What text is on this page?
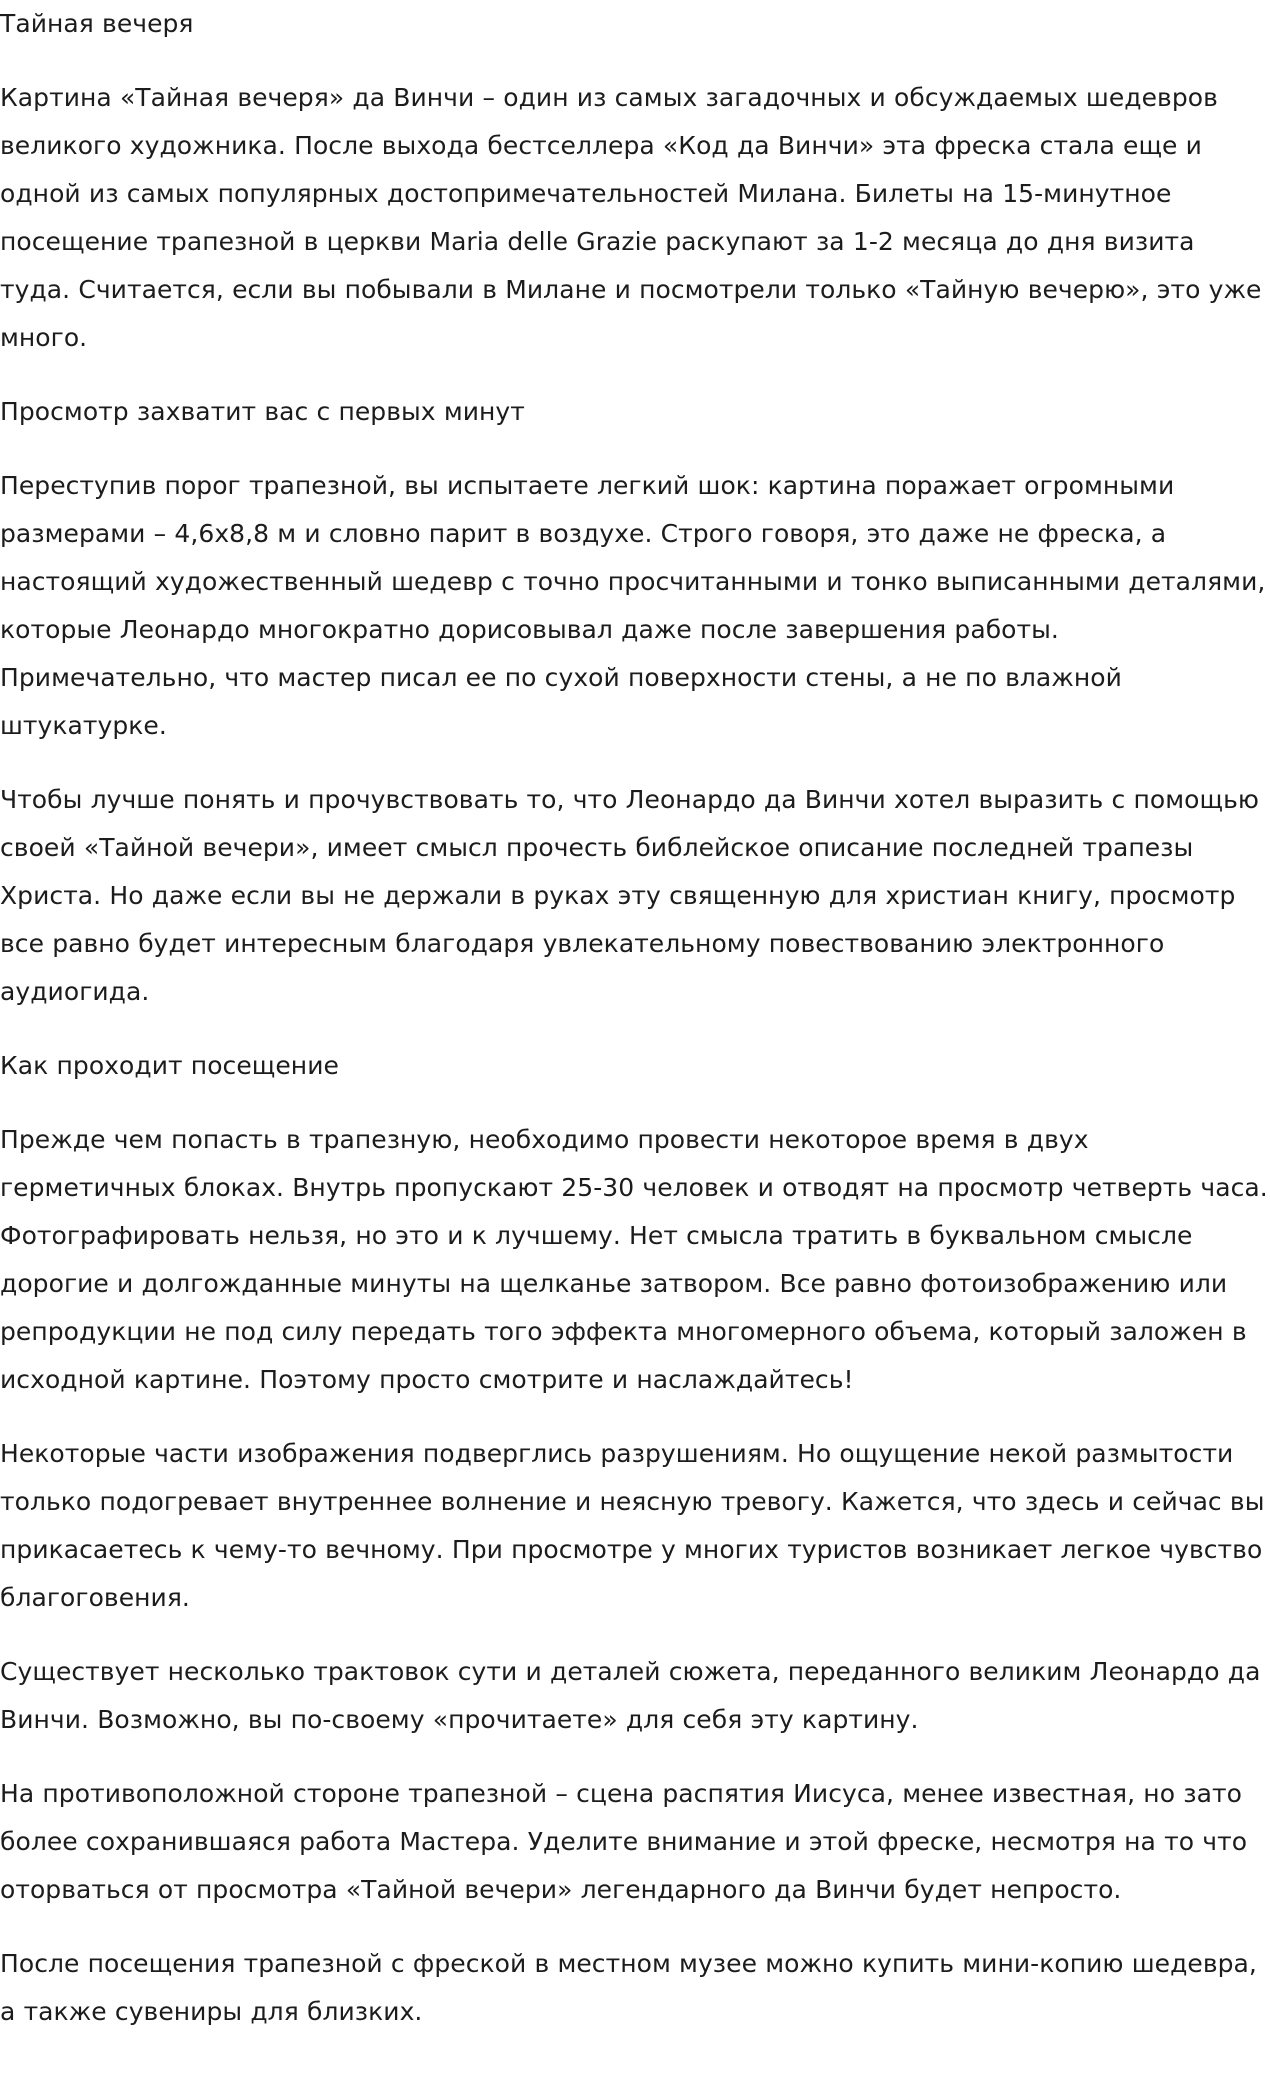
Тайная вечеря

Картина «Тайная вечеря» да Винчи – один из самых загадочных и обсуждаемых шедевров великого художника. После выхода бестселлера «Код да Винчи» эта фреска стала еще и одной из самых популярных достопримечательностей Милана. Билеты на 15-минутное посещение трапезной в церкви Maria delle Grazie раскупают за 1-2 месяца до дня визита туда. Считается, если вы побывали в Милане и посмотрели только «Тайную вечерю», это уже много.

Просмотр захватит вас с первых минут

Переступив порог трапезной, вы испытаете легкий шок: картина поражает огромными размерами – 4,6х8,8 м и словно парит в воздухе. Строго говоря, это даже не фреска, а настоящий художественный шедевр с точно просчитанными и тонко выписанными деталями, которые Леонардо многократно дорисовывал даже после завершения работы. Примечательно, что мастер писал ее по сухой поверхности стены, а не по влажной штукатурке.

Чтобы лучше понять и прочувствовать то, что Леонардо да Винчи хотел выразить с помощью своей «Тайной вечери», имеет смысл прочесть библейское описание последней трапезы Христа. Но даже если вы не держали в руках эту священную для христиан книгу, просмотр все равно будет интересным благодаря увлекательному повествованию электронного аудиогида.

Как проходит посещение

Прежде чем попасть в трапезную, необходимо провести некоторое время в двух герметичных блоках. Внутрь пропускают 25-30 человек и отводят на просмотр четверть часа. Фотографировать нельзя, но это и к лучшему. Нет смысла тратить в буквальном смысле дорогие и долгожданные минуты на щелканье затвором. Все равно фотоизображению или репродукции не под силу передать того эффекта многомерного объема, который заложен в исходной картине. Поэтому просто смотрите и наслаждайтесь!

Некоторые части изображения подверглись разрушениям. Но ощущение некой размытости только подогревает внутреннее волнение и неясную тревогу. Кажется, что здесь и сейчас вы прикасаетесь к чему-то вечному. При просмотре у многих туристов возникает легкое чувство благоговения.

Существует несколько трактовок сути и деталей сюжета, переданного великим Леонардо да Винчи. Возможно, вы по-своему «прочитаете» для себя эту картину.

На противоположной стороне трапезной – сцена распятия Иисуса, менее известная, но зато более сохранившаяся работа Мастера. Уделите внимание и этой фреске, несмотря на то что оторваться от просмотра «Тайной вечери» легендарного да Винчи будет непросто.

После посещения трапезной с фреской в местном музее можно купить мини-копию шедевра, а также сувениры для близких.
